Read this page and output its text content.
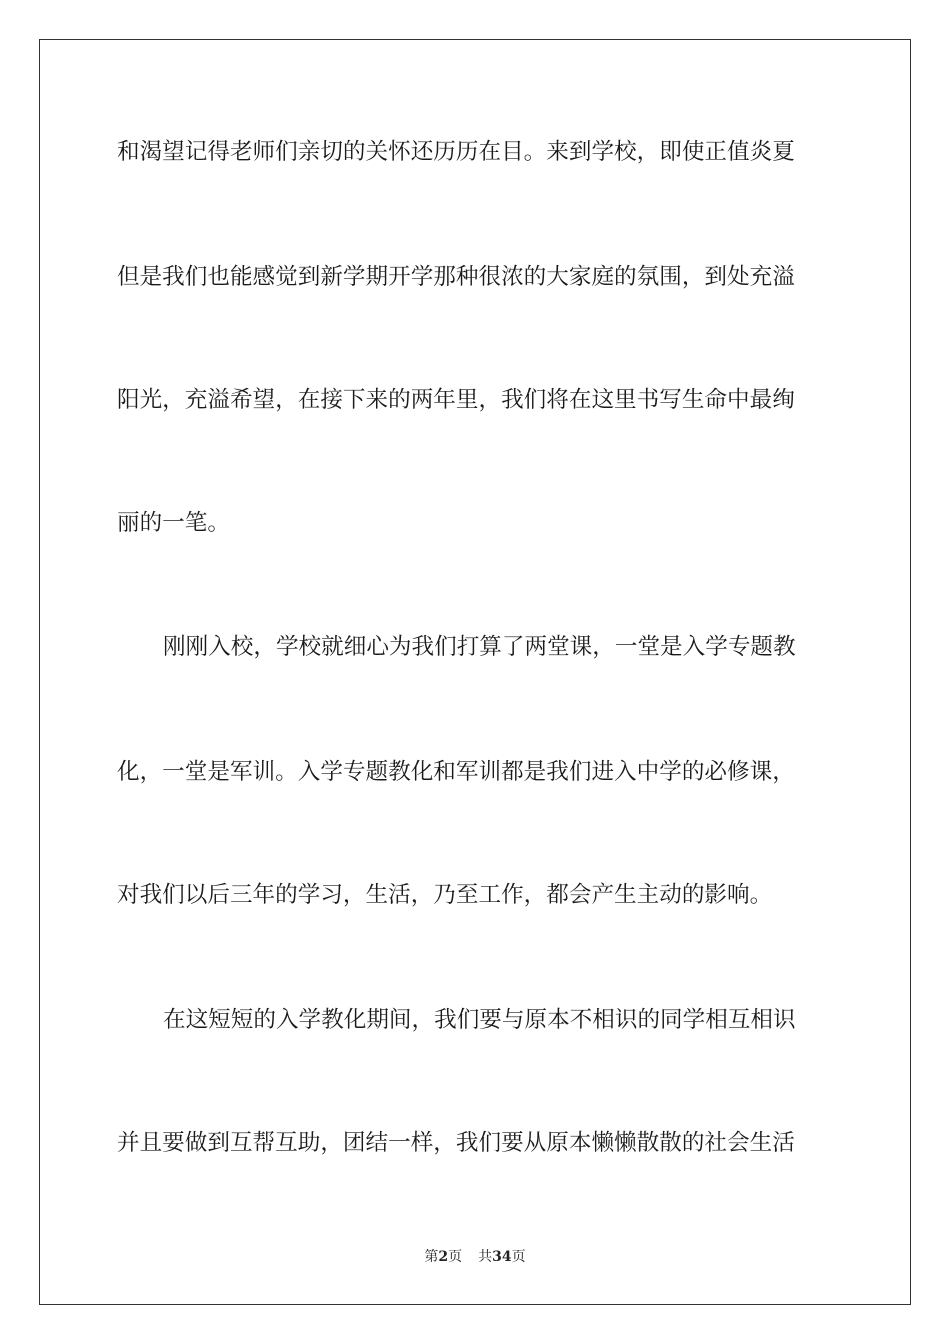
和渴望记得老师们亲切的关怀还历历在目。来到学校，即使正值炎夏
但是我们也能感觉到新学期开学那种很浓的大家庭的氛围，到处充溢
阳光，充溢希望，在接下来的两年里，我们将在这里书写生命中最绚
丽的一笔。
刚刚入校，学校就细心为我们打算了两堂课，一堂是入学专题教
化，一堂是军训。入学专题教化和军训都是我们进入中学的必修课，
对我们以后三年的学习，生活，乃至工作，都会产生主动的影响。
在这短短的入学教化期间，我们要与原本不相识的同学相互相识
并且要做到互帮互助，团结一样，我们要从原本懒懒散散的社会生活
第2页 共34页
